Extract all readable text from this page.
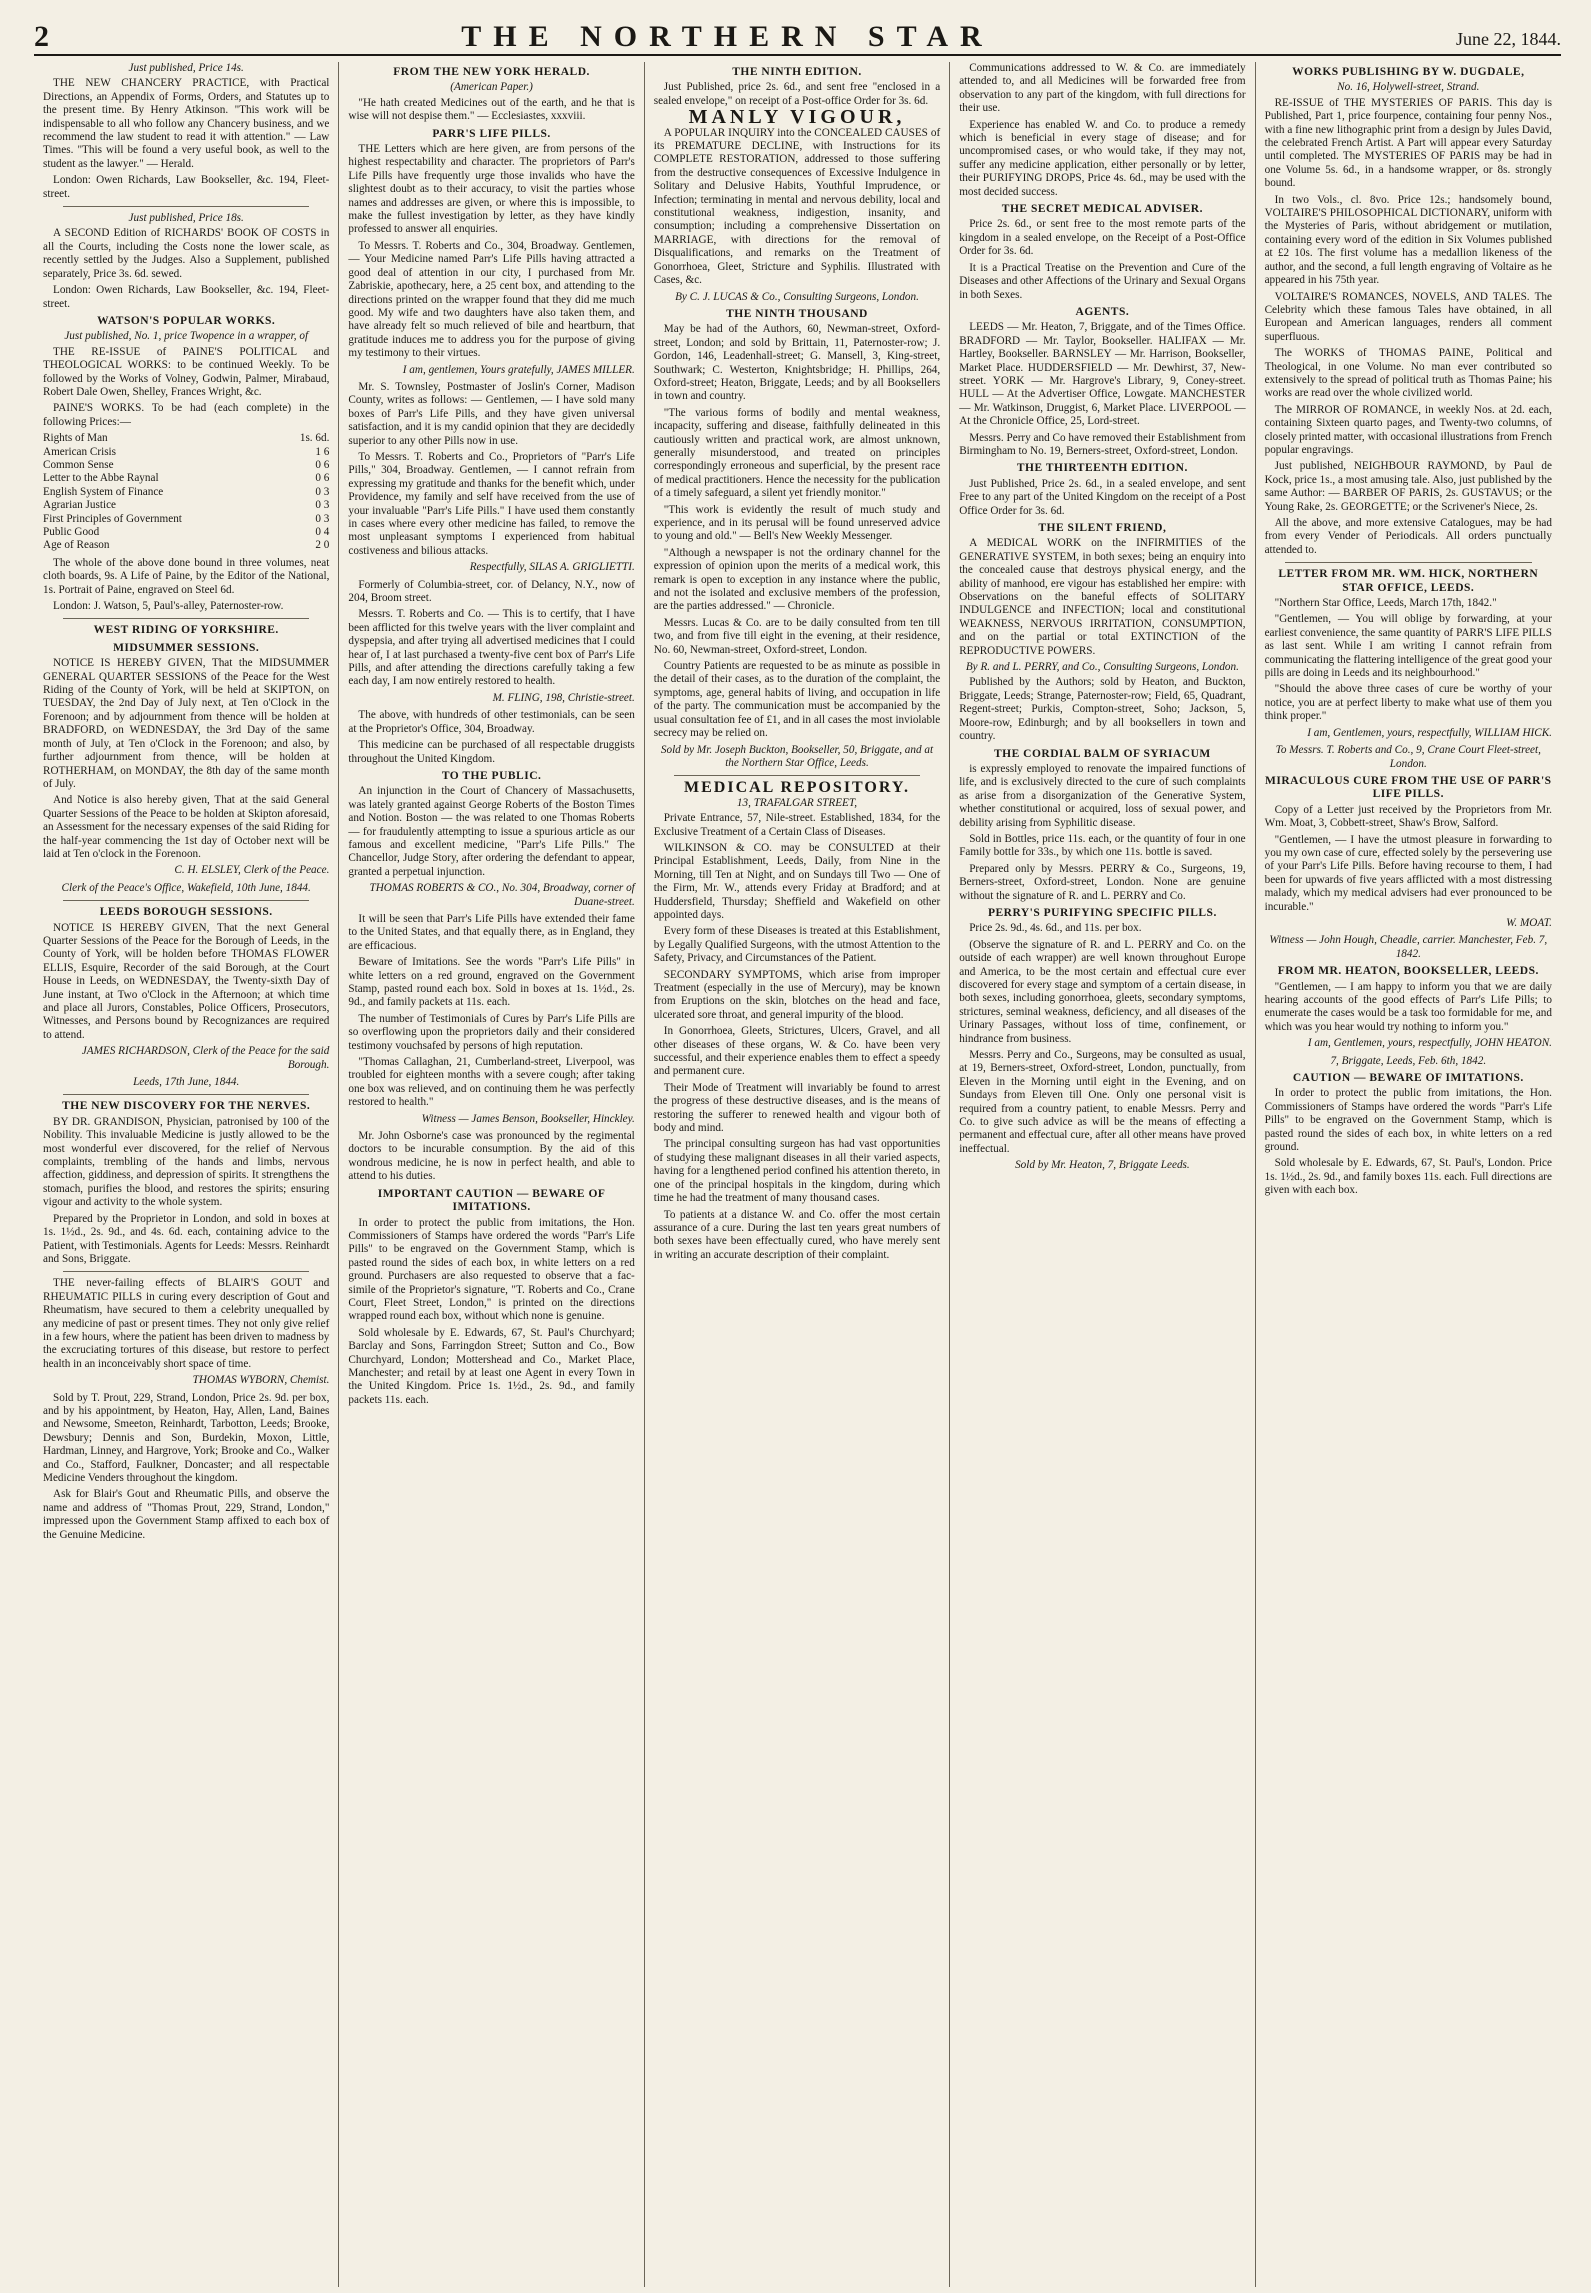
2	THE NORTHERN STAR	June 22, 1844.
Just published, Price 14s.

THE NEW CHANCERY PRACTICE, with Practical Directions, an Appendix of Forms, Orders, and Statutes up to the present time. By Henry Atkinson. "This work will be indispensable to all who follow any Chancery business, and we recommend the law student to read it with attention." — Law Times. "This will be found a very useful book, as well to the student as the lawyer." — Herald.

London: Owen Richards, Law Bookseller, &c. 194, Fleet-street.

Just published, Price 18s.

A SECOND Edition of RICHARDS' BOOK OF COSTS in all the Courts, including the Costs none the lower scale, as recently settled by the Judges. Also a Supplement, published separately, Price 3s. 6d. sewed.

London: Owen Richards, Law Bookseller, &c. 194, Fleet-street.

WATSON'S POPULAR WORKS.
Just published, No. 1, price Twopence in a wrapper, of

THE RE-ISSUE of PAINE'S POLITICAL and THEOLOGICAL WORKS: to be continued Weekly. To be followed by the Works of Volney, Godwin, Palmer, Mirabaud, Robert Dale Owen, Shelley, Frances Wright, &c.

PAINE'S WORKS. To be had (each complete) in the following Prices:—

Rights of Man	1s. 6d.
American Crisis	1 6
Common Sense	0 6
Letter to the Abbe Raynal	0 6
English System of Finance	0 3
Agrarian Justice	0 3
First Principles of Government	0 3
Public Good	0 4
Age of Reason	2 0

The whole of the above done bound in three volumes, neat cloth boards, 9s. A Life of Paine, by the Editor of the National, 1s. Portrait of Paine, engraved on Steel 6d.

London: J. Watson, 5, Paul's-alley, Paternoster-row.

WEST RIDING OF YORKSHIRE.
MIDSUMMER SESSIONS.

NOTICE IS HEREBY GIVEN, That the MIDSUMMER GENERAL QUARTER SESSIONS of the Peace for the West Riding of the County of York, will be held at SKIPTON, on TUESDAY, the 2nd Day of July next, at Ten o'Clock in the Forenoon; and by adjournment from thence will be holden at BRADFORD, on WEDNESDAY, the 3rd Day of the same month of July, at Ten o'Clock in the Forenoon; and also, by further adjournment from thence, will be holden at ROTHERHAM, on MONDAY, the 8th day of the same month of July.

And Notice is also hereby given, That at the said General Quarter Sessions of the Peace to be holden at Skipton aforesaid, an Assessment for the necessary expenses of the said Riding for the half-year commencing the 1st day of October next will be laid at Ten o'clock in the Forenoon.

C. H. ELSLEY, Clerk of the Peace.
Clerk of the Peace's Office, Wakefield, 10th June, 1844.
LEEDS BOROUGH SESSIONS.

NOTICE IS HEREBY GIVEN, That the next General Quarter Sessions of the Peace for the Borough of Leeds, in the County of York, will be holden before THOMAS FLOWER ELLIS, Esquire, Recorder of the said Borough, at the Court House in Leeds, on WEDNESDAY, the Twenty-sixth Day of June instant, at Two o'Clock in the Afternoon; at which time and place all Jurors, Constables, Police Officers, Prosecutors, Witnesses, and Persons bound by Recognizances are required to attend.

JAMES RICHARDSON, Clerk of the Peace for the said Borough.
Leeds, 17th June, 1844.
THE NEW DISCOVERY FOR THE NERVES.

BY DR. GRANDISON, Physician, patronised by 100 of the Nobility. This invaluable Medicine is justly allowed to be the most wonderful ever discovered, for the relief of Nervous complaints, trembling of the hands and limbs, nervous affection, giddiness, and depression of spirits. It strengthens the stomach, purifies the blood, and restores the spirits; ensuring vigour and activity to the whole system.

Prepared by the Proprietor in London, and sold in boxes at 1s. 1½d., 2s. 9d., and 4s. 6d. each, containing advice to the Patient, with Testimonials. Agents for Leeds: Messrs. Reinhardt and Sons, Briggate.

THE never-failing effects of BLAIR'S GOUT and RHEUMATIC PILLS in curing every description of Gout and Rheumatism, have secured to them a celebrity unequalled by any medicine of past or present times. They not only give relief in a few hours, where the patient has been driven to madness by the excruciating tortures of this disease, but restore to perfect health in an inconceivably short space of time.

THOMAS WYBORN, Chemist.

Sold by T. Prout, 229, Strand, London, Price 2s. 9d. per box, and by his appointment, by Heaton, Hay, Allen, Land, Baines and Newsome, Smeeton, Reinhardt, Tarbotton, Leeds; Brooke, Dewsbury; Dennis and Son, Burdekin, Moxon, Little, Hardman, Linney, and Hargrove, York; Brooke and Co., Walker and Co., Stafford, Faulkner, Doncaster; and all respectable Medicine Venders throughout the kingdom.

Ask for Blair's Gout and Rheumatic Pills, and observe the name and address of "Thomas Prout, 229, Strand, London," impressed upon the Government Stamp affixed to each box of the Genuine Medicine.

FROM THE NEW YORK HERALD.
(American Paper.)

"He hath created Medicines out of the earth, and he that is wise will not despise them." — Ecclesiastes, xxxviii.

PARR'S LIFE PILLS.

THE Letters which are here given, are from persons of the highest respectability and character. The proprietors of Parr's Life Pills have frequently urge those invalids who have the slightest doubt as to their accuracy, to visit the parties whose names and addresses are given, or where this is impossible, to make the fullest investigation by letter, as they have kindly professed to answer all enquiries.

To Messrs. T. Roberts and Co., 304, Broadway. Gentlemen, — Your Medicine named Parr's Life Pills having attracted a good deal of attention in our city, I purchased from Mr. Zabriskie, apothecary, here, a 25 cent box, and attending to the directions printed on the wrapper found that they did me much good. My wife and two daughters have also taken them, and have already felt so much relieved of bile and heartburn, that gratitude induces me to address you for the purpose of giving my testimony to their virtues.

I am, gentlemen, Yours gratefully, JAMES MILLER.

Mr. S. Townsley, Postmaster of Joslin's Corner, Madison County, writes as follows: — Gentlemen, — I have sold many boxes of Parr's Life Pills, and they have given universal satisfaction, and it is my candid opinion that they are decidedly superior to any other Pills now in use.

To Messrs. T. Roberts and Co., Proprietors of "Parr's Life Pills," 304, Broadway. Gentlemen, — I cannot refrain from expressing my gratitude and thanks for the benefit which, under Providence, my family and self have received from the use of your invaluable "Parr's Life Pills." I have used them constantly in cases where every other medicine has failed, to remove the most unpleasant symptoms I experienced from habitual costiveness and bilious attacks.

Respectfully, SILAS A. GRIGLIETTI.

Formerly of Columbia-street, cor. of Delancy, N.Y., now of 204, Broom street.

Messrs. T. Roberts and Co. — This is to certify, that I have been afflicted for this twelve years with the liver complaint and dyspepsia, and after trying all advertised medicines that I could hear of, I at last purchased a twenty-five cent box of Parr's Life Pills, and after attending the directions carefully taking a few each day, I am now entirely restored to health.

M. FLING, 198, Christie-street.

The above, with hundreds of other testimonials, can be seen at the Proprietor's Office, 304, Broadway.

This medicine can be purchased of all respectable druggists throughout the United Kingdom.

TO THE PUBLIC.

An injunction in the Court of Chancery of Massachusetts, was lately granted against George Roberts of the Boston Times and Notion. Boston — the was related to one Thomas Roberts — for fraudulently attempting to issue a spurious article as our famous and excellent medicine, "Parr's Life Pills." The Chancellor, Judge Story, after ordering the defendant to appear, granted a perpetual injunction.

THOMAS ROBERTS & CO., No. 304, Broadway, corner of Duane-street.

It will be seen that Parr's Life Pills have extended their fame to the United States, and that equally there, as in England, they are efficacious.

Beware of Imitations. See the words "Parr's Life Pills" in white letters on a red ground, engraved on the Government Stamp, pasted round each box. Sold in boxes at 1s. 1½d., 2s. 9d., and family packets at 11s. each.

The number of Testimonials of Cures by Parr's Life Pills are so overflowing upon the proprietors daily and their considered testimony vouchsafed by persons of high reputation.

"Thomas Callaghan, 21, Cumberland-street, Liverpool, was troubled for eighteen months with a severe cough; after taking one box was relieved, and on continuing them he was perfectly restored to health."

Witness — James Benson, Bookseller, Hinckley.

Mr. John Osborne's case was pronounced by the regimental doctors to be incurable consumption. By the aid of this wondrous medicine, he is now in perfect health, and able to attend to his duties.

IMPORTANT CAUTION — BEWARE OF IMITATIONS.

In order to protect the public from imitations, the Hon. Commissioners of Stamps have ordered the words "Parr's Life Pills" to be engraved on the Government Stamp, which is pasted round the sides of each box, in white letters on a red ground. Purchasers are also requested to observe that a fac-simile of the Proprietor's signature, "T. Roberts and Co., Crane Court, Fleet Street, London," is printed on the directions wrapped round each box, without which none is genuine.

Sold wholesale by E. Edwards, 67, St. Paul's Churchyard; Barclay and Sons, Farringdon Street; Sutton and Co., Bow Churchyard, London; Mottershead and Co., Market Place, Manchester; and retail by at least one Agent in every Town in the United Kingdom. Price 1s. 1½d., 2s. 9d., and family packets 11s. each.

THE NINTH EDITION.

Just Published, price 2s. 6d., and sent free "enclosed in a sealed envelope," on receipt of a Post-office Order for 3s. 6d.

MANLY VIGOUR,

A POPULAR INQUIRY into the CONCEALED CAUSES of its PREMATURE DECLINE, with Instructions for its COMPLETE RESTORATION, addressed to those suffering from the destructive consequences of Excessive Indulgence in Solitary and Delusive Habits, Youthful Imprudence, or Infection; terminating in mental and nervous debility, local and constitutional weakness, indigestion, insanity, and consumption; including a comprehensive Dissertation on MARRIAGE, with directions for the removal of Disqualifications, and remarks on the Treatment of Gonorrhoea, Gleet, Stricture and Syphilis. Illustrated with Cases, &c.

By C. J. LUCAS & Co., Consulting Surgeons, London.
THE NINTH THOUSAND

May be had of the Authors, 60, Newman-street, Oxford-street, London; and sold by Brittain, 11, Paternoster-row; J. Gordon, 146, Leadenhall-street; G. Mansell, 3, King-street, Southwark; C. Westerton, Knightsbridge; H. Phillips, 264, Oxford-street; Heaton, Briggate, Leeds; and by all Booksellers in town and country.

"The various forms of bodily and mental weakness, incapacity, suffering and disease, faithfully delineated in this cautiously written and practical work, are almost unknown, generally misunderstood, and treated on principles correspondingly erroneous and superficial, by the present race of medical practitioners. Hence the necessity for the publication of a timely safeguard, a silent yet friendly monitor."

"This work is evidently the result of much study and experience, and in its perusal will be found unreserved advice to young and old." — Bell's New Weekly Messenger.

"Although a newspaper is not the ordinary channel for the expression of opinion upon the merits of a medical work, this remark is open to exception in any instance where the public, and not the isolated and exclusive members of the profession, are the parties addressed." — Chronicle.

Messrs. Lucas & Co. are to be daily consulted from ten till two, and from five till eight in the evening, at their residence, No. 60, Newman-street, Oxford-street, London.

Country Patients are requested to be as minute as possible in the detail of their cases, as to the duration of the complaint, the symptoms, age, general habits of living, and occupation in life of the party. The communication must be accompanied by the usual consultation fee of £1, and in all cases the most inviolable secrecy may be relied on.

Sold by Mr. Joseph Buckton, Bookseller, 50, Briggate, and at the Northern Star Office, Leeds.
MEDICAL REPOSITORY.
13, TRAFALGAR STREET,

Private Entrance, 57, Nile-street. Established, 1834, for the Exclusive Treatment of a Certain Class of Diseases.

WILKINSON & CO. may be CONSULTED at their Principal Establishment, Leeds, Daily, from Nine in the Morning, till Ten at Night, and on Sundays till Two — One of the Firm, Mr. W., attends every Friday at Bradford; and at Huddersfield, Thursday; Sheffield and Wakefield on other appointed days.

Every form of these Diseases is treated at this Establishment, by Legally Qualified Surgeons, with the utmost Attention to the Safety, Privacy, and Circumstances of the Patient.

SECONDARY SYMPTOMS, which arise from improper Treatment (especially in the use of Mercury), may be known from Eruptions on the skin, blotches on the head and face, ulcerated sore throat, and general impurity of the blood.

In Gonorrhoea, Gleets, Strictures, Ulcers, Gravel, and all other diseases of these organs, W. & Co. have been very successful, and their experience enables them to effect a speedy and permanent cure.

Their Mode of Treatment will invariably be found to arrest the progress of these destructive diseases, and is the means of restoring the sufferer to renewed health and vigour both of body and mind.

The principal consulting surgeon has had vast opportunities of studying these malignant diseases in all their varied aspects, having for a lengthened period confined his attention thereto, in one of the principal hospitals in the kingdom, during which time he had the treatment of many thousand cases.

To patients at a distance W. and Co. offer the most certain assurance of a cure. During the last ten years great numbers of both sexes have been effectually cured, who have merely sent in writing an accurate description of their complaint.

Communications addressed to W. & Co. are immediately attended to, and all Medicines will be forwarded free from observation to any part of the kingdom, with full directions for their use.

Experience has enabled W. and Co. to produce a remedy which is beneficial in every stage of disease; and for uncompromised cases, or who would take, if they may not, suffer any medicine application, either personally or by letter, their PURIFYING DROPS, Price 4s. 6d., may be used with the most decided success.

THE SECRET MEDICAL ADVISER.

Price 2s. 6d., or sent free to the most remote parts of the kingdom in a sealed envelope, on the Receipt of a Post-Office Order for 3s. 6d.

It is a Practical Treatise on the Prevention and Cure of the Diseases and other Affections of the Urinary and Sexual Organs in both Sexes.

AGENTS.

LEEDS — Mr. Heaton, 7, Briggate, and of the Times Office. BRADFORD — Mr. Taylor, Bookseller. HALIFAX — Mr. Hartley, Bookseller. BARNSLEY — Mr. Harrison, Bookseller, Market Place. HUDDERSFIELD — Mr. Dewhirst, 37, New-street. YORK — Mr. Hargrove's Library, 9, Coney-street. HULL — At the Advertiser Office, Lowgate. MANCHESTER — Mr. Watkinson, Druggist, 6, Market Place. LIVERPOOL — At the Chronicle Office, 25, Lord-street.

Messrs. Perry and Co have removed their Establishment from Birmingham to No. 19, Berners-street, Oxford-street, London.

THE THIRTEENTH EDITION.

Just Published, Price 2s. 6d., in a sealed envelope, and sent Free to any part of the United Kingdom on the receipt of a Post Office Order for 3s. 6d.

THE SILENT FRIEND,

A MEDICAL WORK on the INFIRMITIES of the GENERATIVE SYSTEM, in both sexes; being an enquiry into the concealed cause that destroys physical energy, and the ability of manhood, ere vigour has established her empire: with Observations on the baneful effects of SOLITARY INDULGENCE and INFECTION; local and constitutional WEAKNESS, NERVOUS IRRITATION, CONSUMPTION, and on the partial or total EXTINCTION of the REPRODUCTIVE POWERS.

By R. and L. PERRY, and Co., Consulting Surgeons, London.

Published by the Authors; sold by Heaton, and Buckton, Briggate, Leeds; Strange, Paternoster-row; Field, 65, Quadrant, Regent-street; Purkis, Compton-street, Soho; Jackson, 5, Moore-row, Edinburgh; and by all booksellers in town and country.

THE CORDIAL BALM OF SYRIACUM

is expressly employed to renovate the impaired functions of life, and is exclusively directed to the cure of such complaints as arise from a disorganization of the Generative System, whether constitutional or acquired, loss of sexual power, and debility arising from Syphilitic disease.

Sold in Bottles, price 11s. each, or the quantity of four in one Family bottle for 33s., by which one 11s. bottle is saved.

Prepared only by Messrs. PERRY & Co., Surgeons, 19, Berners-street, Oxford-street, London. None are genuine without the signature of R. and L. PERRY and Co.

PERRY'S PURIFYING SPECIFIC PILLS.

Price 2s. 9d., 4s. 6d., and 11s. per box.

(Observe the signature of R. and L. PERRY and Co. on the outside of each wrapper) are well known throughout Europe and America, to be the most certain and effectual cure ever discovered for every stage and symptom of a certain disease, in both sexes, including gonorrhoea, gleets, secondary symptoms, strictures, seminal weakness, deficiency, and all diseases of the Urinary Passages, without loss of time, confinement, or hindrance from business.

Messrs. Perry and Co., Surgeons, may be consulted as usual, at 19, Berners-street, Oxford-street, London, punctually, from Eleven in the Morning until eight in the Evening, and on Sundays from Eleven till One. Only one personal visit is required from a country patient, to enable Messrs. Perry and Co. to give such advice as will be the means of effecting a permanent and effectual cure, after all other means have proved ineffectual.

Sold by Mr. Heaton, 7, Briggate Leeds.
WORKS PUBLISHING BY W. DUGDALE,
No. 16, Holywell-street, Strand.

RE-ISSUE of THE MYSTERIES OF PARIS. This day is Published, Part 1, price fourpence, containing four penny Nos., with a fine new lithographic print from a design by Jules David, the celebrated French Artist. A Part will appear every Saturday until completed. The MYSTERIES OF PARIS may be had in one Volume 5s. 6d., in a handsome wrapper, or 8s. strongly bound.

In two Vols., cl. 8vo. Price 12s.; handsomely bound, VOLTAIRE'S PHILOSOPHICAL DICTIONARY, uniform with the Mysteries of Paris, without abridgement or mutilation, containing every word of the edition in Six Volumes published at £2 10s. The first volume has a medallion likeness of the author, and the second, a full length engraving of Voltaire as he appeared in his 75th year.

VOLTAIRE'S ROMANCES, NOVELS, AND TALES. The Celebrity which these famous Tales have obtained, in all European and American languages, renders all comment superfluous.

The WORKS of THOMAS PAINE, Political and Theological, in one Volume. No man ever contributed so extensively to the spread of political truth as Thomas Paine; his works are read over the whole civilized world.

The MIRROR OF ROMANCE, in weekly Nos. at 2d. each, containing Sixteen quarto pages, and Twenty-two columns, of closely printed matter, with occasional illustrations from French popular engravings.

Just published, NEIGHBOUR RAYMOND, by Paul de Kock, price 1s., a most amusing tale. Also, just published by the same Author: — BARBER OF PARIS, 2s. GUSTAVUS; or the Young Rake, 2s. GEORGETTE; or the Scrivener's Niece, 2s.

All the above, and more extensive Catalogues, may be had from every Vender of Periodicals. All orders punctually attended to.

LETTER FROM MR. WM. HICK, NORTHERN STAR OFFICE, LEEDS.

"Northern Star Office, Leeds, March 17th, 1842."

"Gentlemen, — You will oblige by forwarding, at your earliest convenience, the same quantity of PARR'S LIFE PILLS as last sent. While I am writing I cannot refrain from communicating the flattering intelligence of the great good your pills are doing in Leeds and its neighbourhood."

"Should the above three cases of cure be worthy of your notice, you are at perfect liberty to make what use of them you think proper."

I am, Gentlemen, yours, respectfully, WILLIAM HICK.
To Messrs. T. Roberts and Co., 9, Crane Court Fleet-street, London.
MIRACULOUS CURE FROM THE USE OF PARR'S LIFE PILLS.

Copy of a Letter just received by the Proprietors from Mr. Wm. Moat, 3, Cobbett-street, Shaw's Brow, Salford.

"Gentlemen, — I have the utmost pleasure in forwarding to you my own case of cure, effected solely by the persevering use of your Parr's Life Pills. Before having recourse to them, I had been for upwards of five years afflicted with a most distressing malady, which my medical advisers had ever pronounced to be incurable."

W. MOAT.
Witness — John Hough, Cheadle, carrier. Manchester, Feb. 7, 1842.
FROM MR. HEATON, BOOKSELLER, LEEDS.

"Gentlemen, — I am happy to inform you that we are daily hearing accounts of the good effects of Parr's Life Pills; to enumerate the cases would be a task too formidable for me, and which was you hear would try nothing to inform you."

I am, Gentlemen, yours, respectfully, JOHN HEATON.
7, Briggate, Leeds, Feb. 6th, 1842.
CAUTION — BEWARE OF IMITATIONS.

In order to protect the public from imitations, the Hon. Commissioners of Stamps have ordered the words "Parr's Life Pills" to be engraved on the Government Stamp, which is pasted round the sides of each box, in white letters on a red ground.

Sold wholesale by E. Edwards, 67, St. Paul's, London. Price 1s. 1½d., 2s. 9d., and family boxes 11s. each. Full directions are given with each box.
